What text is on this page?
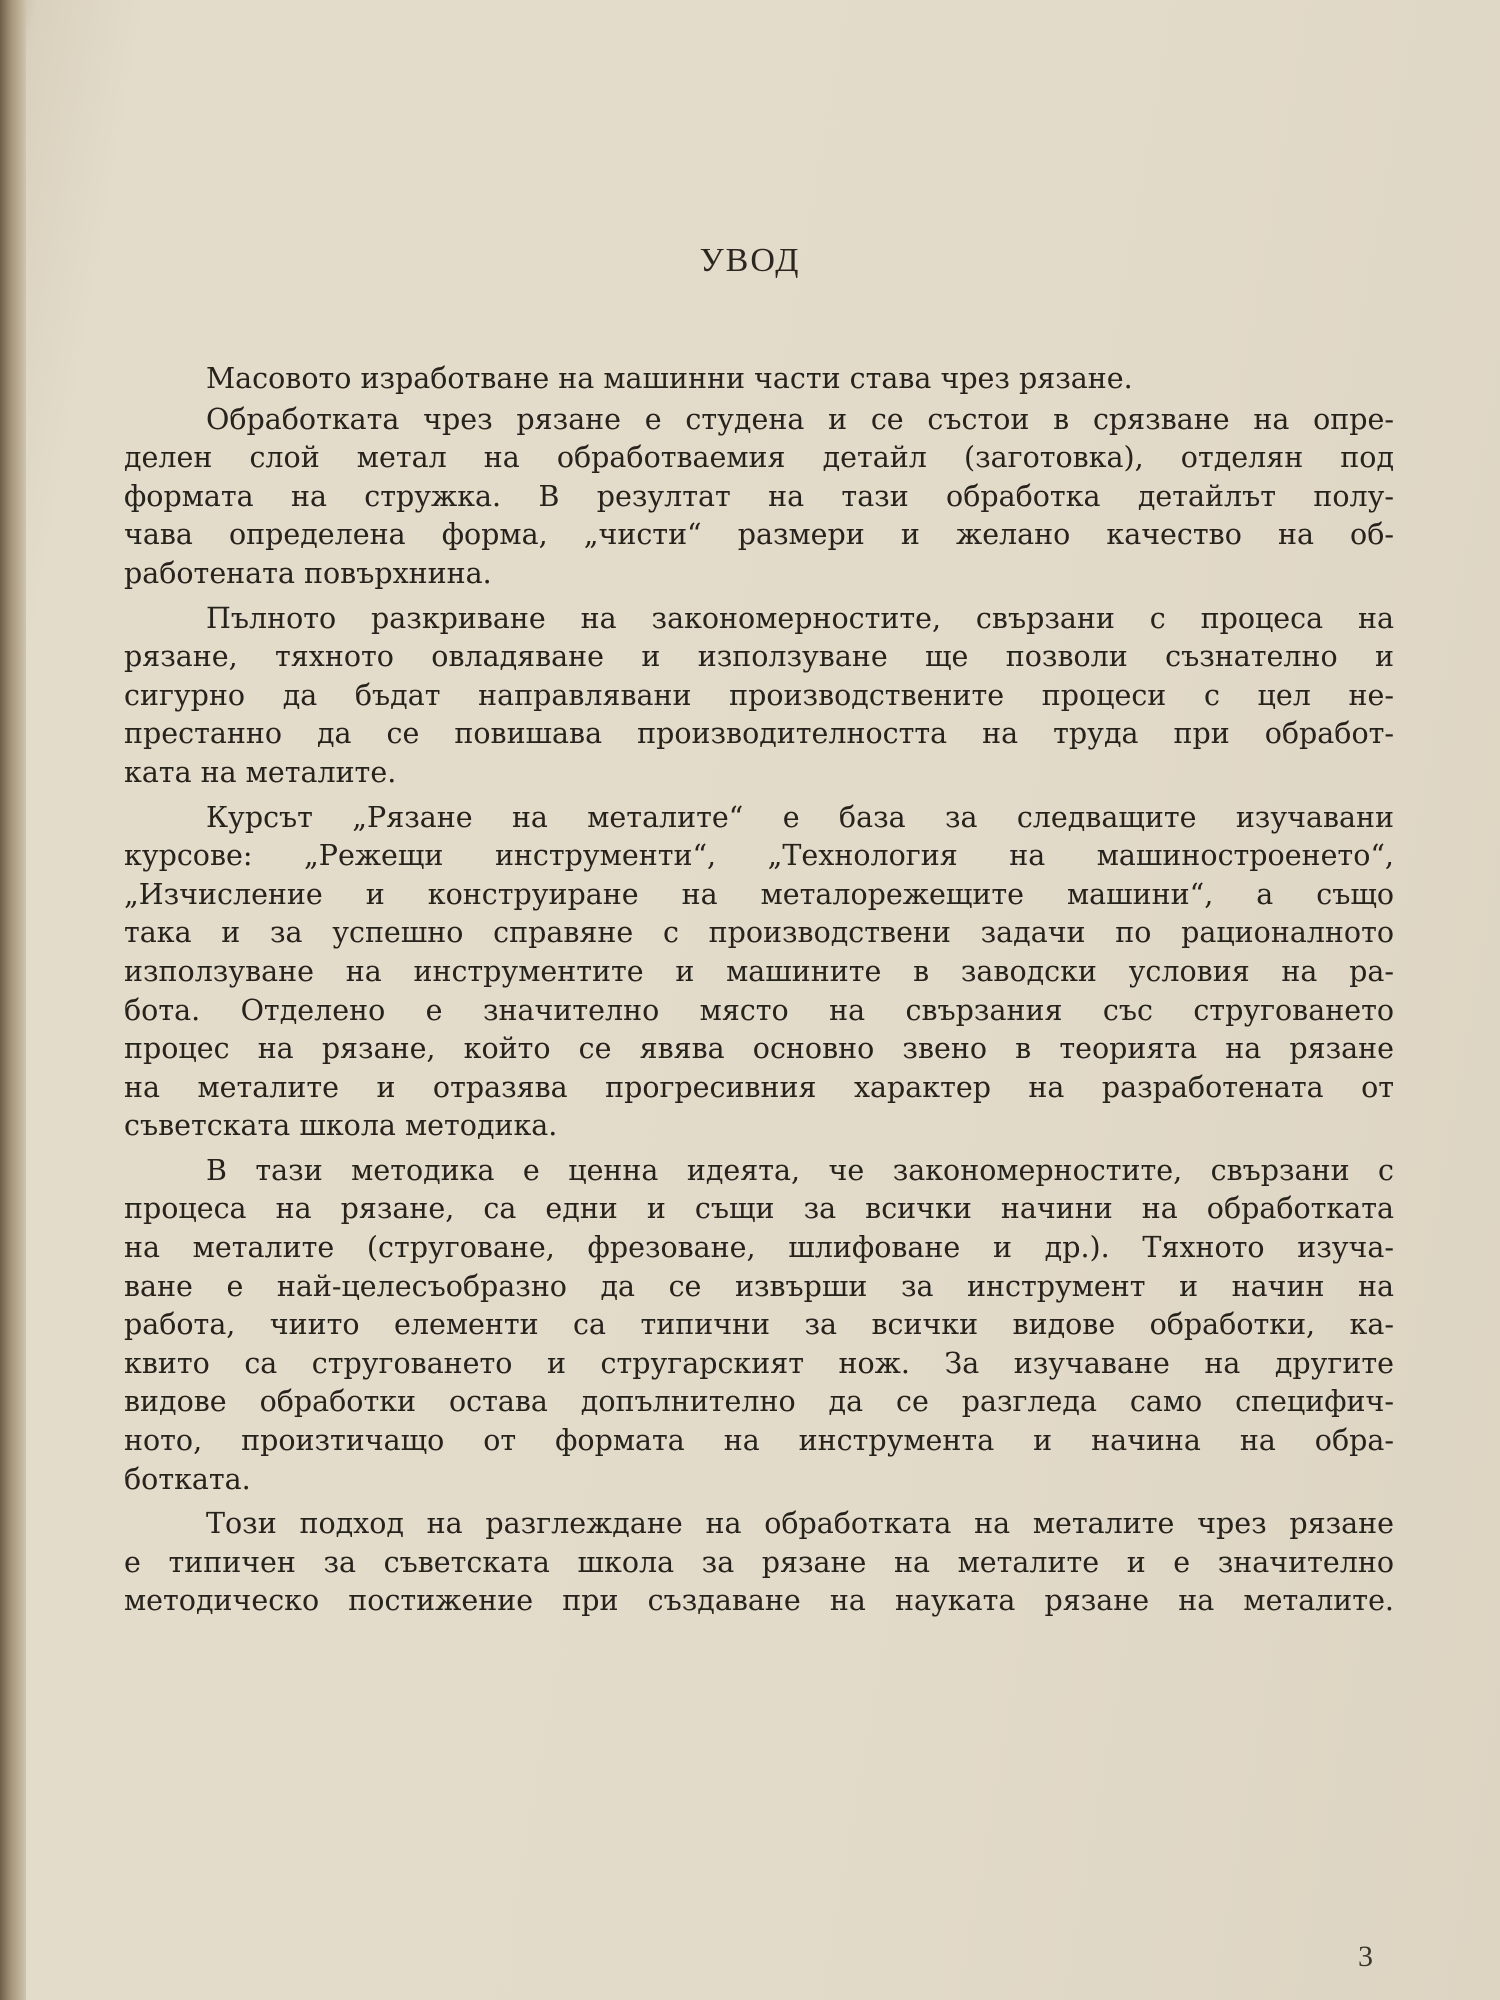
УВОД

Масовото изработване на машинни части става чрез рязане.

Обработката чрез рязане е студена и се състои в срязване на опре-
делен слой метал на обработваемия детайл (заготовка), отделян под
формата на стружка. В резултат на тази обработка детайлът полу-
чава определена форма, „чисти“ размери и желано качество на об-
работената повърхнина.

Пълното разкриване на закономерностите, свързани с процеса на
рязане, тяхното овладяване и използуване ще позволи съзнателно и
сигурно да бъдат направлявани производствените процеси с цел не-
престанно да се повишава производителността на труда при обработ-
ката на металите.

Курсът „Рязане на металите“ е база за следващите изучавани
курсове: „Режещи инструменти“, „Технология на машиностроенето“,
„Изчисление и конструиране на металорежещите машини“, а също
така и за успешно справяне с производствени задачи по рационалното
използуване на инструментите и машините в заводски условия на ра-
бота. Отделено е значително място на свързания със струговането
процес на рязане, който се явява основно звено в теорията на рязане
на металите и отразява прогресивния характер на разработената от
съветската школа методика.

В тази методика е ценна идеята, че закономерностите, свързани с
процеса на рязане, са едни и същи за всички начини на обработката
на металите (струговане, фрезоване, шлифоване и др.). Тяхното изуча-
ване е най-целесъобразно да се извърши за инструмент и начин на
работа, чиито елементи са типични за всички видове обработки, ка-
квито са струговането и стругарският нож. За изучаване на другите
видове обработки остава допълнително да се разгледа само специфич-
ното, произтичащо от формата на инструмента и начина на обра-
ботката.

Този подход на разглеждане на обработката на металите чрез рязане
е типичен за съветската школа за рязане на металите и е значително
методическо постижение при създаване на науката рязане на металите.

3
